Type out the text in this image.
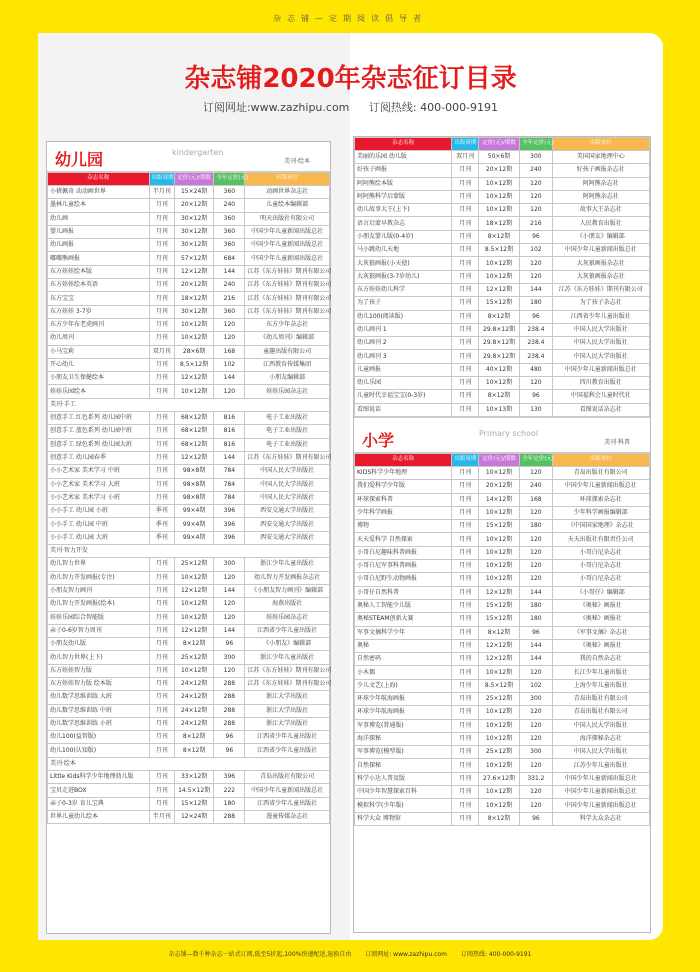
杂志铺—定期阅读倡导者
杂志铺2020年杂志征订目录
订阅网址:www.zazhipu.com 订阅热线: 400-000-9191
幼儿园	kindergarten
美刊·绘本
杂志名称	出版周期	定价(元)/期数	全年定价(元)	出版单位
小猪佩奇 动动画世界	半月刊	15×24期	360	动画世界杂志社
墨林儿童绘本	月刊	20×12期	240	儿童绘本编辑部
幼儿画	月刊	30×12期	360	明天出版社有限公司
婴儿画报	月刊	30×12期	360	中国少年儿童新闻出版总社
幼儿画报	月刊	30×12期	360	中国少年儿童新闻出版总社
嘟嘟熊画报	月刊	57×12期	684	中国少年儿童新闻出版总社
东方娃娃绘本版	月刊	12×12期	144	江苏《东方娃娃》期刊有限公司
东方娃娃绘本英语	月刊	20×12期	240	江苏《东方娃娃》期刊有限公司
东方宝宝	月刊	18×12期	216	江苏《东方娃娃》期刊有限公司
东方娃娃 3-7岁	月刊	30×12期	360	江苏《东方娃娃》期刊有限公司
东方少年布老虎画刊	月刊	10×12期	120	东方少年杂志社
幼儿周刊	月刊	10×12期	120	《幼儿周刊》编辑部
小马宝莉	双月刊	28×6期	168	童趣出版有限公司
开心幼儿	月刊	8.5×12期	102	江西教育传媒集团
小朋友卫生保健绘本	月刊	12×12期	144	小朋友编辑部
娃娃乐园绘本	月刊	10×12期	120	娃娃乐园杂志社
美刊·手工				
创意手工 红色系列 幼儿园中班	月刊	68×12期	816	电子工业出版社
创意手工 蓝色系列 幼儿园中班	月刊	68×12期	816	电子工业出版社
创意手工 绿色系列 幼儿园大班	月刊	68×12期	816	电子工业出版社
创意手工 幼儿园春季	月刊	12×12期	144	江苏《东方娃娃》期刊有限公司
小小艺术家 美术学习 中班	月刊	98×8期	784	中国人民大学出版社
小小艺术家 美术学习 大班	月刊	98×8期	784	中国人民大学出版社
小小艺术家 美术学习 小班	月刊	98×8期	784	中国人民大学出版社
小小手工 幼儿园 小班	季刊	99×4期	396	西安交通大学出版社
小小手工 幼儿园 中班	季刊	99×4期	396	西安交通大学出版社
小小手工 幼儿园 大班	季刊	99×4期	396	西安交通大学出版社
美刊·智力开发				
幼儿智力世界	月刊	25×12期	300	浙江少年儿童出版社
幼儿智力开发画报(专注)	月刊	10×12期	120	幼儿智力开发画报杂志社
小朋友智力画刊	月刊	12×12期	144	《小朋友智力画刊》编辑部
幼儿智力开发画报(绘本)	月刊	10×12期	120	海燕出版社
娃娃乐园综合智能版	月刊	10×12期	120	娃娃乐园杂志社
亲子0-6岁智力周刊	月刊	12×12期	144	江西省少年儿童出版社
小朋友幼儿版	月刊	8×12期	96	《小朋友》编辑部
幼儿智力世界(上下)	月刊	25×12期	300	浙江少年儿童出版社
东方娃娃智力版	月刊	10×12期	120	江苏《东方娃娃》期刊有限公司
东方娃娃智力版 绘本版	月刊	24×12期	288	江苏《东方娃娃》期刊有限公司
幼儿数学思维训练 大班	月刊	24×12期	288	浙江大学出版社
幼儿数学思维训练 中班	月刊	24×12期	288	浙江大学出版社
幼儿数学思维训练 小班	月刊	24×12期	288	浙江大学出版社
幼儿100(益智版)	月刊	8×12期	96	江西省少年儿童出版社
幼儿100(认知版)	月刊	8×12期	96	江西省少年儿童出版社
美刊·绘本				
Little Kids科学少年地理幼儿版	月刊	33×12期	396	青岛出版社有限公司
宝贝走进BOX	月刊	14.5×12期	222	中国少年儿童新闻出版总社
亲子0-3岁 育儿宝典	月刊	15×12期	180	江西省少年儿童出版社
世界儿童幼儿绘本	半月刊	12×24期	288	漫童传媒杂志社
杂志名称	出版周期	定价(元)/期数	全年定价(元)	出版单位
美丽的乐园 幼儿版	双月刊	50×6期	300	美国国家地理中心
好孩子画报	月刊	20×12期	240	好孩子画报杂志社
阿阿熊绘本版	月刊	10×12期	120	阿阿熊杂志社
阿阿熊科学启蒙版	月刊	10×12期	120	阿阿熊杂志社
幼儿故事大王(上下)	月刊	10×12期	120	故事大王杂志社
语言启蒙早教杂志	月刊	18×12期	216	人民教育出版社
小朋友婴儿版(0-4岁)	月刊	8×12期	96	《小朋友》编辑部
马小跳幼儿天地	月刊	8.5×12期	102	中国少年儿童新闻出版总社
大灰狼画报(小天使)	月刊	10×12期	120	大灰狼画报杂志社
大灰狼画报(3-7岁幼儿)	月刊	10×12期	120	大灰狼画报杂志社
东方娃娃幼儿科学	月刊	12×12期	144	江苏《东方娃娃》期刊有限公司
为了孩子	月刊	15×12期	180	为了孩子杂志社
幼儿100(阅读版)	月刊	8×12期	96	江西省少年儿童出版社
幼儿画刊 1	月刊	29.8×12期	238.4	中国人民大学出版社
幼儿画刊 2	月刊	29.8×12期	238.4	中国人民大学出版社
幼儿画刊 3	月刊	29.8×12期	238.4	中国人民大学出版社
儿童画报	月刊	40×12期	480	中国少年儿童新闻出版总社
幼儿乐园	月刊	10×12期	120	四川教育出版社
儿童时代幸福宝宝(0-3岁)	月刊	8×12期	96	中国福利会儿童时代社
看图说话	月刊	10×13期	130	看图说话杂志社
小学	Primary school
美刊·科普
杂志名称	出版周期	定价(元)/期数	全年定价(元)	出版单位
KIDS科学少年地理	月刊	10×12期	120	青岛出版社有限公司
我们爱科学少年版	月刊	20×12期	240	中国少年儿童新闻出版总社
环球探索科普	月刊	14×12期	168	环球探索杂志社
少年科学画报	月刊	10×12期	120	少年科学画报编辑部
博物	月刊	15×12期	180	《中国国家地理》杂志社
天天爱科学 自然探索	月刊	10×12期	120	天天出版社有限责任公司
小哥白尼趣味科普画报	月刊	10×12期	120	小哥白尼杂志社
小哥白尼军事科普画报	月刊	10×12期	120	小哥白尼杂志社
小哥白尼野生动物画报	月刊	10×12期	120	小哥白尼杂志社
小哥仔自然科普	月刊	12×12期	144	《小哥仔》编辑部
奥秘人工智能少儿版	月刊	15×12期	180	《奥秘》画报社
奥秘STEAM创新大赛	月刊	15×12期	180	《奥秘》画报社
军事文摘科学少年	月刊	8×12期	96	《军事文摘》杂志社
奥秘	月刊	12×12期	144	《奥秘》画报社
自然密码	月刊	12×12期	144	我的自然杂志社
小木偶	月刊	10×12期	120	长江少年儿童出版社
少儿文艺(上海)	月刊	8.5×12期	102	上海少年儿童出版社
环球少年航海画报	月刊	25×12期	300	青岛出版社有限公司
环球少年航海画报	月刊	10×12期	120	青岛出版社有限公司
军事博览(普通版)	月刊	10×12期	120	中国人民大学出版社
海洋探秘	月刊	10×12期	120	海洋探秘杂志社
军事博览(模型版)	月刊	25×12期	300	中国人民大学出版社
自然探秘	月刊	10×12期	120	江苏少年儿童出版社
科学小达人普及版	月刊	27.6×12期	331.2	中国少年儿童新闻出版总社
中国少年智慧探索百科	月刊	10×12期	120	中国少年儿童新闻出版总社
模拟科学(少年版)	月刊	10×12期	120	中国少年儿童新闻出版总社
科学大众 博物馆	月刊	8×12期	96	科学大众杂志社
杂志铺—数千种杂志一站式订阅,低至5折起,100%快递配送,退换自由 订阅网址: www.zazhipu.com 订阅热线: 400-000-9191
